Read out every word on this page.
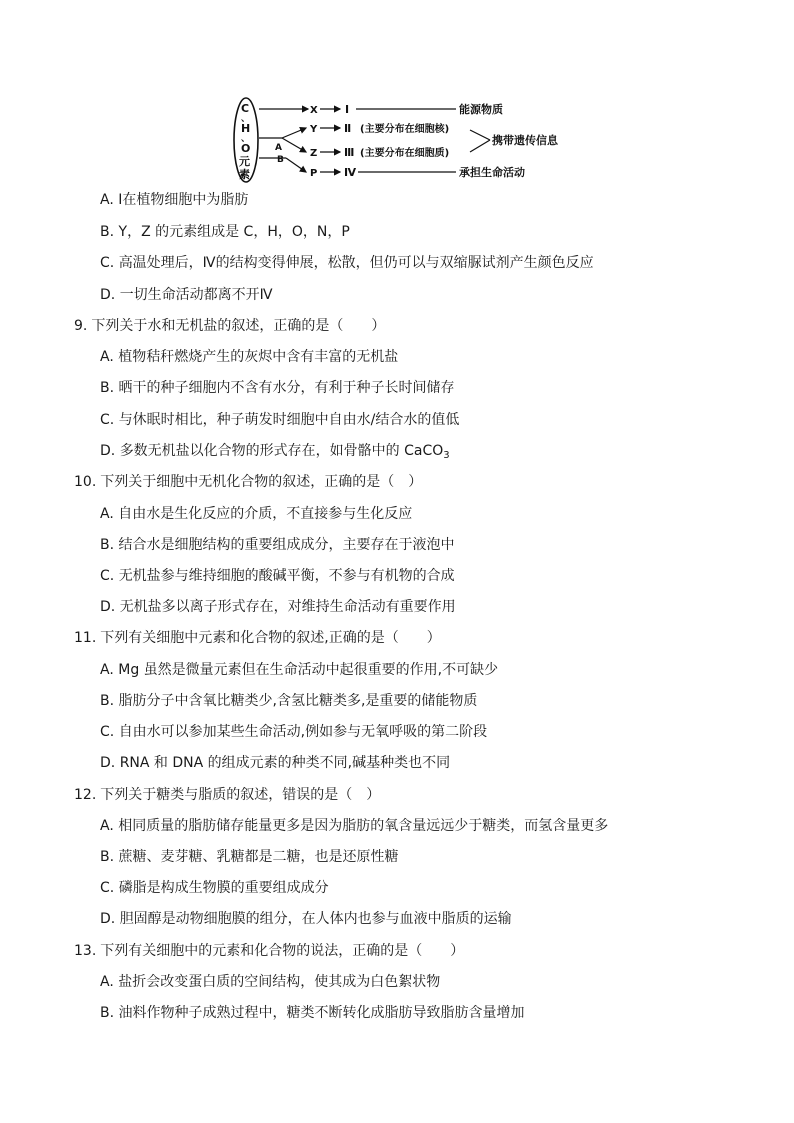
C
、
H
、
O
元
素
X Ⅰ	能源物质
A
B
Y Ⅱ (主要分布在细胞核)
Z Ⅲ (主要分布在细胞质)
携带遗传信息
P Ⅳ	承担生命活动
A. Ⅰ在植物细胞中为脂肪
B. Y，Z 的元素组成是 C，H，O，N，P
C. 高温处理后，Ⅳ的结构变得伸展，松散，但仍可以与双缩脲试剂产生颜色反应
D. 一切生命活动都离不开Ⅳ
9. 下列关于水和无机盐的叙述，正确的是（　　）
A. 植物秸秆燃烧产生的灰烬中含有丰富的无机盐
B. 晒干的种子细胞内不含有水分，有利于种子长时间储存
C. 与休眠时相比，种子萌发时细胞中自由水/结合水的值低
D. 多数无机盐以化合物的形式存在，如骨骼中的 CaCO$_3$
10. 下列关于细胞中无机化合物的叙述，正确的是（　）
A. 自由水是生化反应的介质，不直接参与生化反应
B. 结合水是细胞结构的重要组成成分，主要存在于液泡中
C. 无机盐参与维持细胞的酸碱平衡，不参与有机物的合成
D. 无机盐多以离子形式存在，对维持生命活动有重要作用
11. 下列有关细胞中元素和化合物的叙述,正确的是（　　）
A. Mg 虽然是微量元素但在生命活动中起很重要的作用,不可缺少
B. 脂肪分子中含氧比糖类少,含氢比糖类多,是重要的储能物质
C. 自由水可以参加某些生命活动,例如参与无氧呼吸的第二阶段
D. RNA 和 DNA 的组成元素的种类不同,碱基种类也不同
12. 下列关于糖类与脂质的叙述，错误的是（　）
A. 相同质量的脂肪储存能量更多是因为脂肪的氧含量远远少于糖类，而氢含量更多
B. 蔗糖、麦芽糖、乳糖都是二糖，也是还原性糖
C. 磷脂是构成生物膜的重要组成成分
D. 胆固醇是动物细胞膜的组分，在人体内也参与血液中脂质的运输
13. 下列有关细胞中的元素和化合物的说法，正确的是（　　）
A. 盐折会改变蛋白质的空间结构，使其成为白色絮状物
B. 油料作物种子成熟过程中，糖类不断转化成脂肪导致脂肪含量增加
